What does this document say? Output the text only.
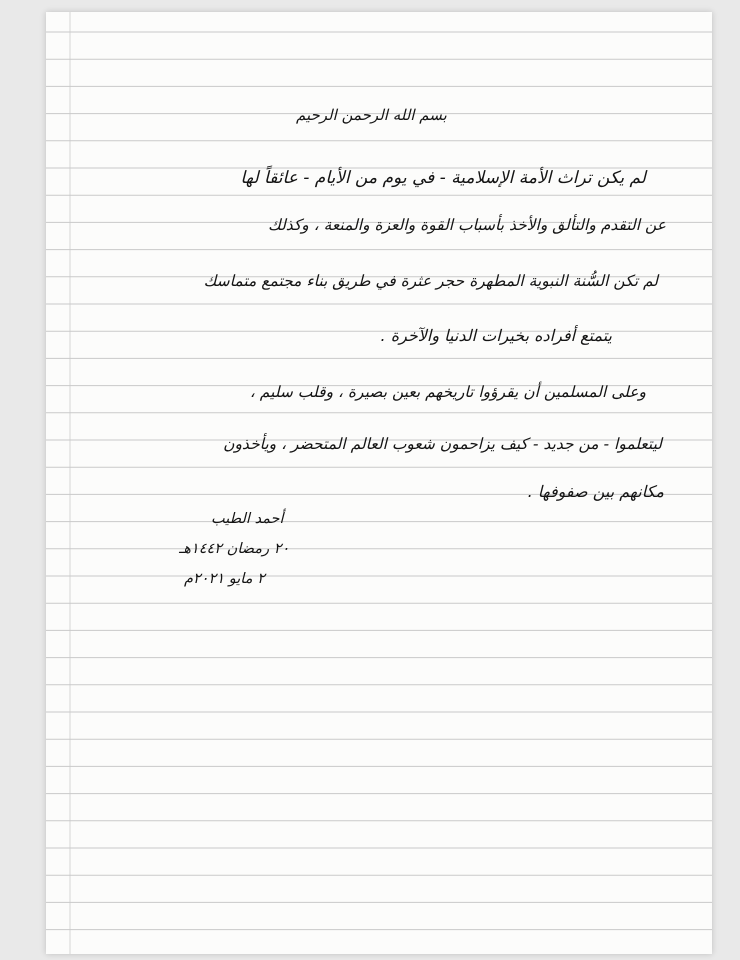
بسم الله الرحمن الرحيم
لم يكن تراث الأمة الإسلامية - في يوم من الأيام - عائقاً لها
عن التقدم والتألق والأخذ بأسباب القوة والعزة والمنعة ، وكذلك
لم تكن السُّنة النبوية المطهرة حجر عثرة في طريق بناء مجتمع متماسك
يتمتع أفراده بخيرات الدنيا والآخرة .
وعلى المسلمين أن يقرؤوا تاريخهم بعين بصيرة ، وقلب سليم ،
ليتعلموا - من جديد - كيف يزاحمون شعوب العالم المتحضر ، ويأخذون
مكانهم بين صفوفها .
أحمد الطيب
٢٠ رمضان ١٤٤٢هـ
٢ مايو ٢٠٢١م
